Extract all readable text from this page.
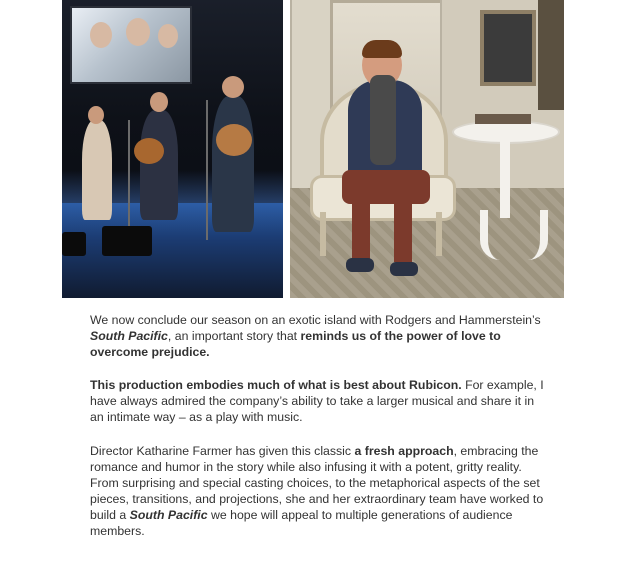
We now conclude our season on an exotic island with Rodgers and Hammerstein’s South Pacific, an important story that reminds us of the power of love to overcome prejudice.

This production embodies much of what is best about Rubicon. For example, I have always admired the company’s ability to take a larger musical and share it in an intimate way – as a play with music.

Director Katharine Farmer has given this classic a fresh approach, embracing the romance and humor in the story while also infusing it with a potent, gritty reality. From surprising and special casting choices, to the metaphorical aspects of the set pieces, transitions, and projections, she and her extraordinary team have worked to build a South Pacific we hope will appeal to multiple generations of audience members.
